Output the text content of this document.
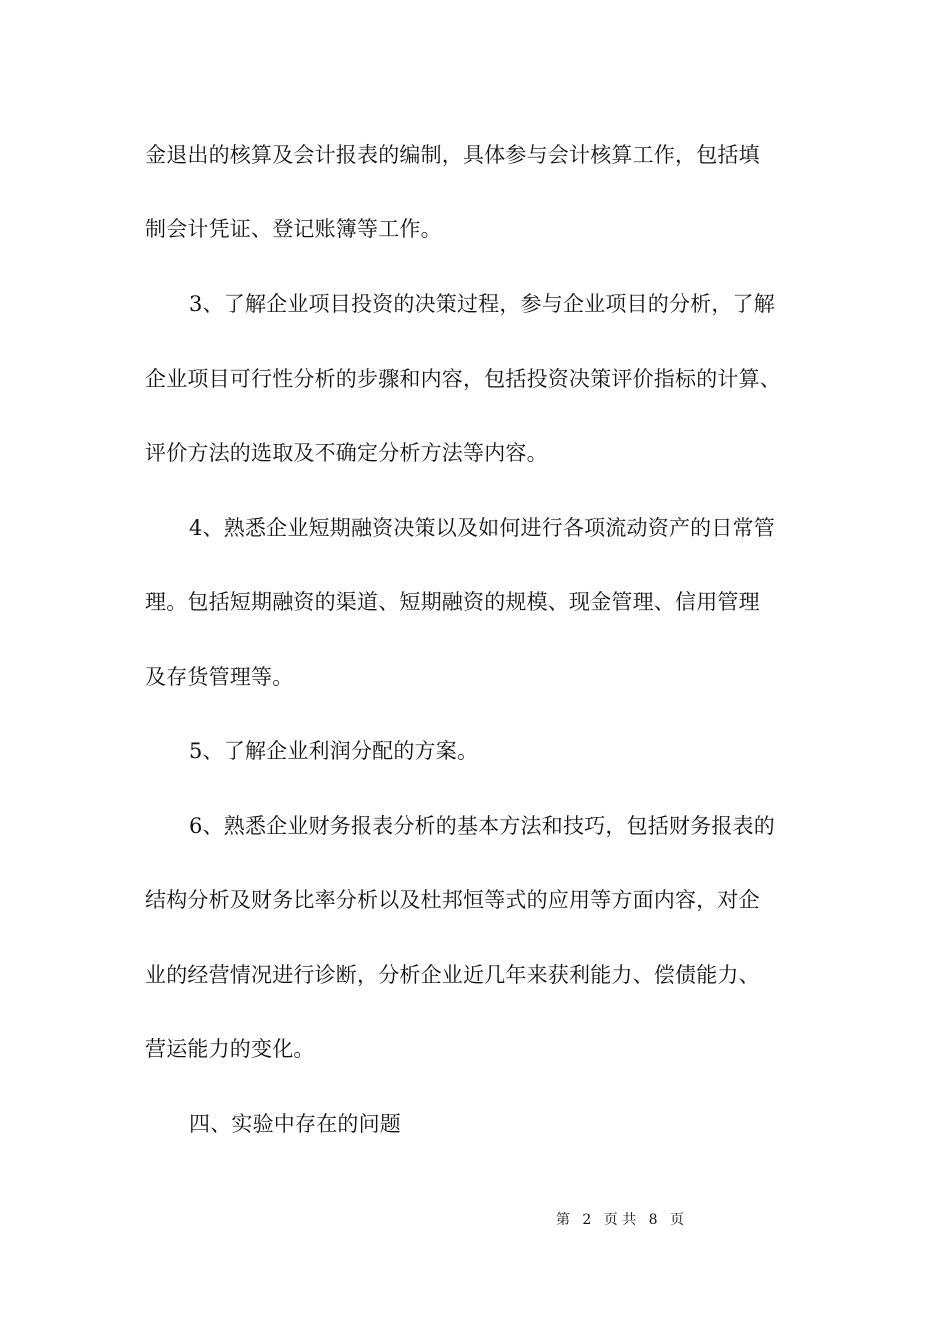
金退出的核算及会计报表的编制，具体参与会计核算工作，包括填
制会计凭证、登记账簿等工作。
3、了解企业项目投资的决策过程，参与企业项目的分析，了解
企业项目可行性分析的步骤和内容，包括投资决策评价指标的计算、
评价方法的选取及不确定分析方法等内容。
4、熟悉企业短期融资决策以及如何进行各项流动资产的日常管
理。包括短期融资的渠道、短期融资的规模、现金管理、信用管理
及存货管理等。
5、了解企业利润分配的方案。
6、熟悉企业财务报表分析的基本方法和技巧，包括财务报表的
结构分析及财务比率分析以及杜邦恒等式的应用等方面内容，对企
业的经营情况进行诊断，分析企业近几年来获利能力、偿债能力、
营运能力的变化。
四、实验中存在的问题
第 2 页 共 8 页
